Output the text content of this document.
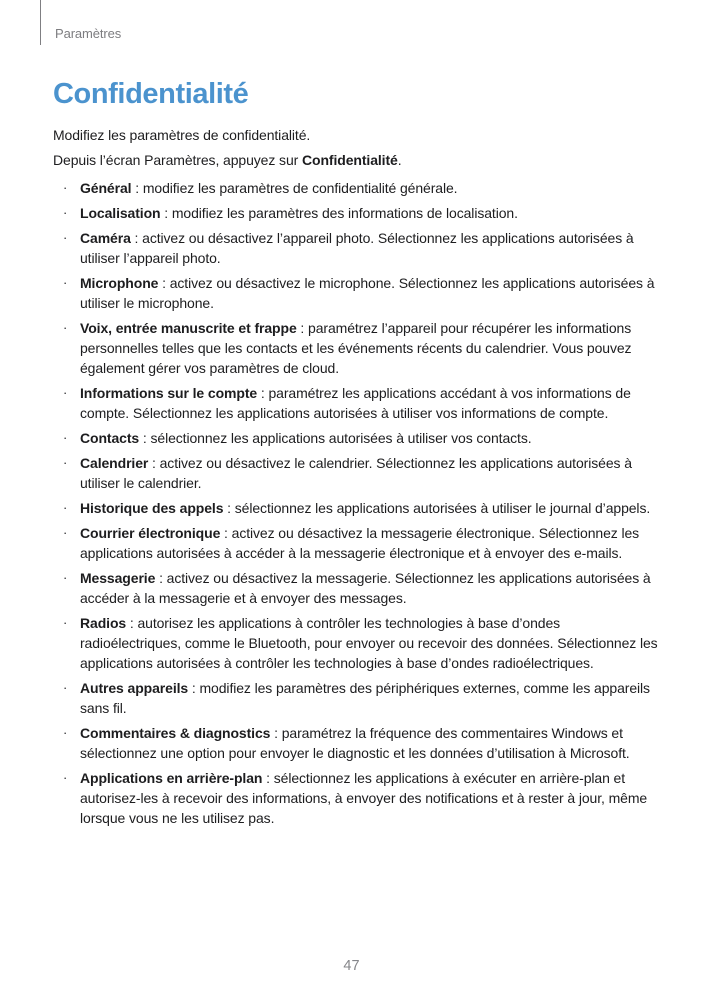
Paramètres
Confidentialité

Modifiez les paramètres de confidentialité.

Depuis l’écran Paramètres, appuyez sur Confidentialité.

· Général : modifiez les paramètres de confidentialité générale.
· Localisation : modifiez les paramètres des informations de localisation.
· Caméra : activez ou désactivez l’appareil photo. Sélectionnez les applications autorisées à utiliser l’appareil photo.
· Microphone : activez ou désactivez le microphone. Sélectionnez les applications autorisées à utiliser le microphone.
· Voix, entrée manuscrite et frappe : paramétrez l’appareil pour récupérer les informations personnelles telles que les contacts et les événements récents du calendrier. Vous pouvez également gérer vos paramètres de cloud.
· Informations sur le compte : paramétrez les applications accédant à vos informations de compte. Sélectionnez les applications autorisées à utiliser vos informations de compte.
· Contacts : sélectionnez les applications autorisées à utiliser vos contacts.
· Calendrier : activez ou désactivez le calendrier. Sélectionnez les applications autorisées à utiliser le calendrier.
· Historique des appels : sélectionnez les applications autorisées à utiliser le journal d’appels.
· Courrier électronique : activez ou désactivez la messagerie électronique. Sélectionnez les applications autorisées à accéder à la messagerie électronique et à envoyer des e-mails.
· Messagerie : activez ou désactivez la messagerie. Sélectionnez les applications autorisées à accéder à la messagerie et à envoyer des messages.
· Radios : autorisez les applications à contrôler les technologies à base d’ondes radioélectriques, comme le Bluetooth, pour envoyer ou recevoir des données. Sélectionnez les applications autorisées à contrôler les technologies à base d’ondes radioélectriques.
· Autres appareils : modifiez les paramètres des périphériques externes, comme les appareils sans fil.
· Commentaires & diagnostics : paramétrez la fréquence des commentaires Windows et sélectionnez une option pour envoyer le diagnostic et les données d’utilisation à Microsoft.
· Applications en arrière-plan : sélectionnez les applications à exécuter en arrière-plan et autorisez-les à recevoir des informations, à envoyer des notifications et à rester à jour, même lorsque vous ne les utilisez pas.
47
